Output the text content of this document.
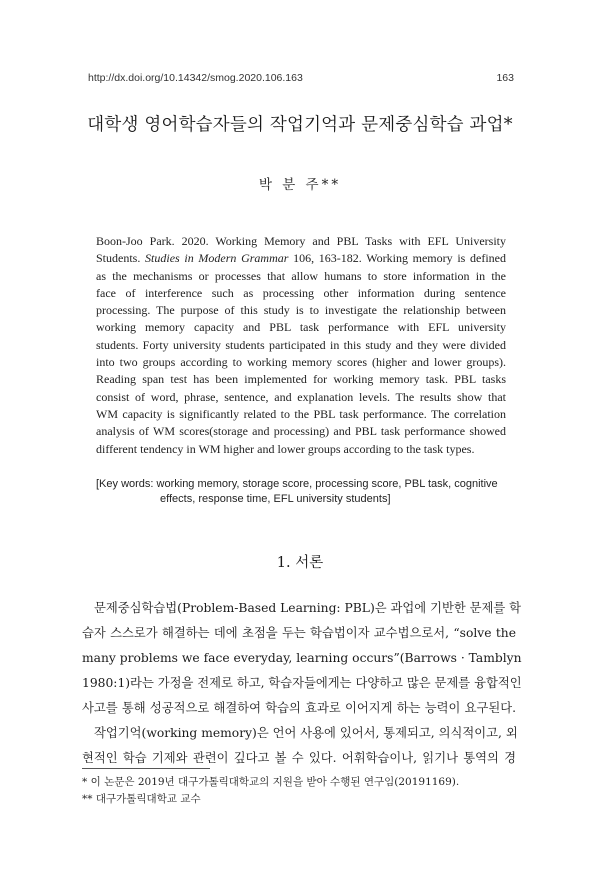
http://dx.doi.org/10.14342/smog.2020.106.163	163
대학생 영어학습자들의 작업기억과 문제중심학습 과업*
박 분 주**
Boon-Joo Park. 2020. Working Memory and PBL Tasks with EFL University
Students. Studies in Modern Grammar 106, 163-182. Working memory is defined
as the mechanisms or processes that allow humans to store information in the
face of interference such as processing other information during sentence
processing. The purpose of this study is to investigate the relationship between
working memory capacity and PBL task performance with EFL university
students. Forty university students participated in this study and they were divided
into two groups according to working memory scores (higher and lower groups).
Reading span test has been implemented for working memory task. PBL tasks
consist of word, phrase, sentence, and explanation levels. The results show that
WM capacity is significantly related to the PBL task performance. The correlation
analysis of WM scores(storage and processing) and PBL task performance showed
different tendency in WM higher and lower groups according to the task types.
[Key words: working memory, storage score, processing score, PBL task, cognitive
effects, response time, EFL university students]
1. 서론
문제중심학습법(Problem-Based Learning: PBL)은 과업에 기반한 문제를 학
습자 스스로가 해결하는 데에 초점을 두는 학습법이자 교수법으로서, “solve the
many problems we face everyday, learning occurs”(Barrows · Tamblyn
1980:1)라는 가정을 전제로 하고, 학습자들에게는 다양하고 많은 문제를 융합적인
사고를 통해 성공적으로 해결하여 학습의 효과로 이어지게 하는 능력이 요구된다.
작업기억(working memory)은 언어 사용에 있어서, 통제되고, 의식적이고, 외
현적인 학습 기제와 관련이 깊다고 볼 수 있다. 어휘학습이나, 읽기나 통역의 경
* 이 논문은 2019년 대구가톨릭대학교의 지원을 받아 수행된 연구임(20191169).
** 대구가톨릭대학교 교수
